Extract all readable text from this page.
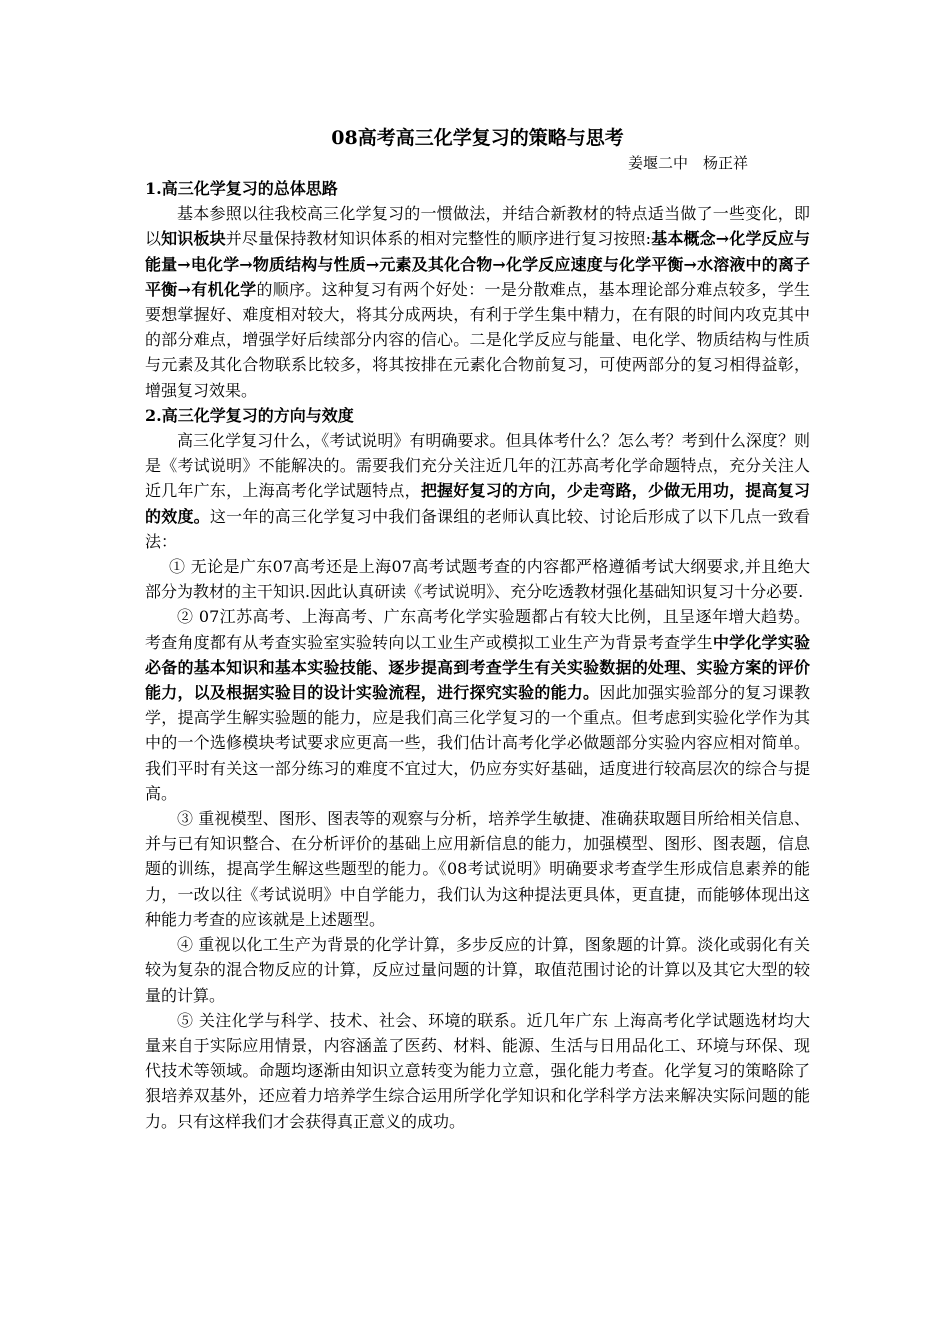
08高考高三化学复习的策略与思考
姜堰二中　杨正祥
1.高三化学复习的总体思路

基本参照以往我校高三化学复习的一惯做法，并结合新教材的特点适当做了一些变化，即以知识板块并尽量保持教材知识体系的相对完整性的顺序进行复习按照:基本概念→化学反应与能量→电化学→物质结构与性质→元素及其化合物→化学反应速度与化学平衡→水溶液中的离子平衡→有机化学的顺序。这种复习有两个好处：一是分散难点，基本理论部分难点较多，学生要想掌握好、难度相对较大，将其分成两块，有利于学生集中精力，在有限的时间内攻克其中的部分难点，增强学好后续部分内容的信心。二是化学反应与能量、电化学、物质结构与性质与元素及其化合物联系比较多，将其按排在元素化合物前复习，可使两部分的复习相得益彰，增强复习效果。

2.高三化学复习的方向与效度

高三化学复习什么，《考试说明》有明确要求。但具体考什么？怎么考？考到什么深度？则是《考试说明》不能解决的。需要我们充分关注近几年的江苏高考化学命题特点，充分关注人近几年广东，上海高考化学试题特点，把握好复习的方向，少走弯路，少做无用功，提高复习的效度。这一年的高三化学复习中我们备课组的老师认真比较、讨论后形成了以下几点一致看法：

① 无论是广东07高考还是上海07高考试题考查的内容都严格遵循考试大纲要求,并且绝大部分为教材的主干知识.因此认真研读《考试说明》、充分吃透教材强化基础知识复习十分必要.

② 07江苏高考、上海高考、广东高考化学实验题都占有较大比例，且呈逐年增大趋势。考查角度都有从考查实验室实验转向以工业生产或模拟工业生产为背景考查学生中学化学实验必备的基本知识和基本实验技能、逐步提高到考查学生有关实验数据的处理、实验方案的评价能力，以及根据实验目的设计实验流程，进行探究实验的能力。因此加强实验部分的复习课教学，提高学生解实验题的能力，应是我们高三化学复习的一个重点。但考虑到实验化学作为其中的一个选修模块考试要求应更高一些，我们估计高考化学必做题部分实验内容应相对简单。我们平时有关这一部分练习的难度不宜过大，仍应夯实好基础，适度进行较高层次的综合与提高。

③ 重视模型、图形、图表等的观察与分析，培养学生敏捷、准确获取题目所给相关信息、并与已有知识整合、在分析评价的基础上应用新信息的能力，加强模型、图形、图表题，信息题的训练，提高学生解这些题型的能力。《08考试说明》明确要求考查学生形成信息素养的能力，一改以往《考试说明》中自学能力，我们认为这种提法更具体，更直捷，而能够体现出这种能力考查的应该就是上述题型。

④ 重视以化工生产为背景的化学计算，多步反应的计算，图象题的计算。淡化或弱化有关较为复杂的混合物反应的计算，反应过量问题的计算，取值范围讨论的计算以及其它大型的较量的计算。

⑤ 关注化学与科学、技术、社会、环境的联系。近几年广东 上海高考化学试题选材均大量来自于实际应用情景，内容涵盖了医药、材料、能源、生活与日用品化工、环境与环保、现代技术等领域。命题均逐渐由知识立意转变为能力立意，强化能力考查。化学复习的策略除了狠培养双基外，还应着力培养学生综合运用所学化学知识和化学科学方法来解决实际问题的能力。只有这样我们才会获得真正意义的成功。
